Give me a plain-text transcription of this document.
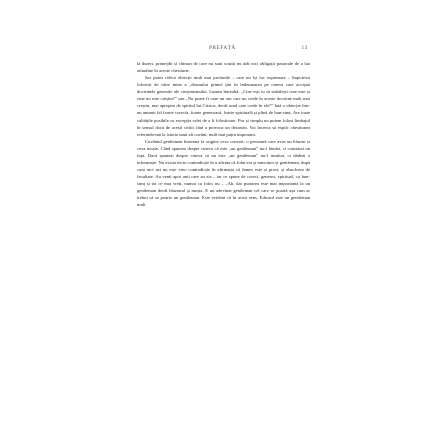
PREFAȚĂ	13

la dureri, primejdii și chinuri de care nu sunt scutiți nu atât nici obligații pastorale de a lua atitudine în aceste chestiune.

Sar putea ridica obiecții mult mai profunde – care nu își fac exprimare – împotriva folosirii de către mine a „drumului primei țări în îndemnarea pe cinevа care acceptă doctrinele generale ale creștinismului. Lumea întreabă: „Cine ești tu să stabilești cine este și cine nu este creștin?” sau „Nu poate fi oare un om care nu crede în aceste doctrine mult mai creștin, mai apropiat de spiritul lui Cristos, decât unul care crede în ele?” Iată o obiecție într-un anumit fel foarte corectă, foarte generoasă, foarte spirituală și plină de bun-simț. Are toate calitățile posibile cu excepția celei de a fi folositoare. Pur și simplu nu putem folosi limbajul în sensul dorit de acești critici fără a provoca un dezastru. Voi încerca să explic chestiunea referindu-mă la istoria unui alt cuvânt, mult mai puțin important.

Cuvântul gentleman însemna la origine ceva concret: o persoană care avea un blazon și ceva moșie. Când spuneai despre cineva că este „un gentleman” nu-l lăudai, ci constatai un fapt. Dacă spuneai despre cineva că nu este „un gentleman” nu-l insultai, ci dădeai o informație. Nu exista nicio contradicție în a afirma că John era și mincinos și gentleman, după cum nici azi nu este vreo contradicție în afirmația că James este și prost, și absolvent de facultate. Au venit apoi unii care au zis – iar ce spune de corect, generos, spiritual, cu bun-simț și tot ce mai vreți, numai cu folos nu – „Ah, dar purtarea este mai importantă la un gentleman decât blazonul și moșia. E un adevărat gentleman cel care se poartă așa cum ar trebui să se poarte un gentleman. Este evident că în acest sens, Edward este un gentleman mult
